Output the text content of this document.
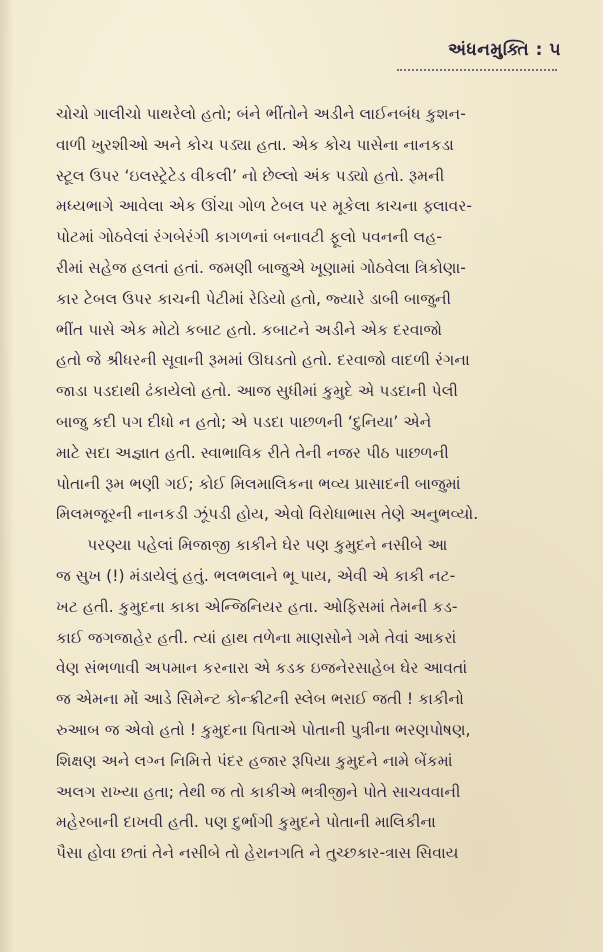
અંધનમુક્તિ : ૫

ચોચો ગાલીચો પાથરેલો હતો; બંને ભીંતોને અડીને લાઈનબંધ કુશન-
વાળી ખુરશીઓ અને કોચ પડ્યા હતા. એક કોચ પાસેના નાનકડા
સ્ટૂલ ઉપર ‘ઇલસ્ટ્રેટેડ વીકલી’ નો છેલ્લો અંક પડ્યો હતો. રૂમની
મધ્યભાગે આવેલા એક ઊંચા ગોળ ટેબલ પર મૂકેલા કાચના ફ્લાવર-
પોટમાં ગોઠવેલાં રંગબેરંગી કાગળનાં બનાવટી ફૂલો પવનની લહ-
રીમાં સહેજ હલતાં હતાં. જમણી બાજુએ ખૂણામાં ગોઠવેલા ત્રિકોણા-
કાર ટેબલ ઉપર કાચની પેટીમાં રેડિયો હતો, જ્યારે ડાબી બાજુની
ભીંત પાસે એક મોટો કબાટ હતો. કબાટને અડીને એક દરવાજો
હતો જે શ્રીધરની સૂવાની રૂમમાં ઊઘડતો હતો. દરવાજો વાદળી રંગના
જાડા પડદાથી ઢંકાયેલો હતો. આજ સુધીમાં કુમુદે એ પડદાની પેલી
બાજુ કદી પગ દીધો ન હતો; એ પડદા પાછળની ‘દુનિયા’ એને
માટે સદા અજ્ઞાત હતી. સ્વાભાવિક રીતે તેની નજર પીઠ પાછળની
પોતાની રૂમ ભણી ગઈ; કોઈ મિલમાલિકના ભવ્ય પ્રાસાદની બાજુમાં
મિલમજૂરની નાનકડી ઝૂંપડી હોય, એવો વિરોધાભાસ તેણે અનુભવ્યો.

પરણ્યા પહેલાં મિજાજી કાકીને ઘેર પણ કુમુદને નસીબે આ
જ સુખ (!) મંડાયેલું હતું. ભલભલાને ભૂ પાય, એવી એ કાકી નટ-
ખટ હતી. કુમુદના કાકા એન્જિનિયર હતા. ઓફિસમાં તેમની કડ-
કાઈ જગજાહેર હતી. ત્યાં હાથ તળેના માણસોને ગમે તેવાં આકરાં
વેણ સંભળાવી અપમાન કરનારા એ કડક ઇજનેરસાહેબ ઘેર આવતાં
જ એમના મોં આડે સિમેન્ટ કોન્ક્રીટની સ્લેબ ભરાઈ જતી ! કાકીનો
રુઆબ જ એવો હતો ! કુમુદના પિતાએ પોતાની પુત્રીના ભરણપોષણ,
શિક્ષણ અને લગ્ન નિમિત્તે પંદર હજાર રૂપિયા કુમુદને નામે બેંકમાં
અલગ રાખ્યા હતા; તેથી જ તો કાકીએ ભત્રીજીને પોતે સાચવવાની
મહેરબાની દાખવી હતી. પણ દુર્ભાગી કુમુદને પોતાની માલિકીના
પૈસા હોવા છતાં તેને નસીબે તો હેરાનગતિ ને તુચ્છકાર-ત્રાસ સિવાય
